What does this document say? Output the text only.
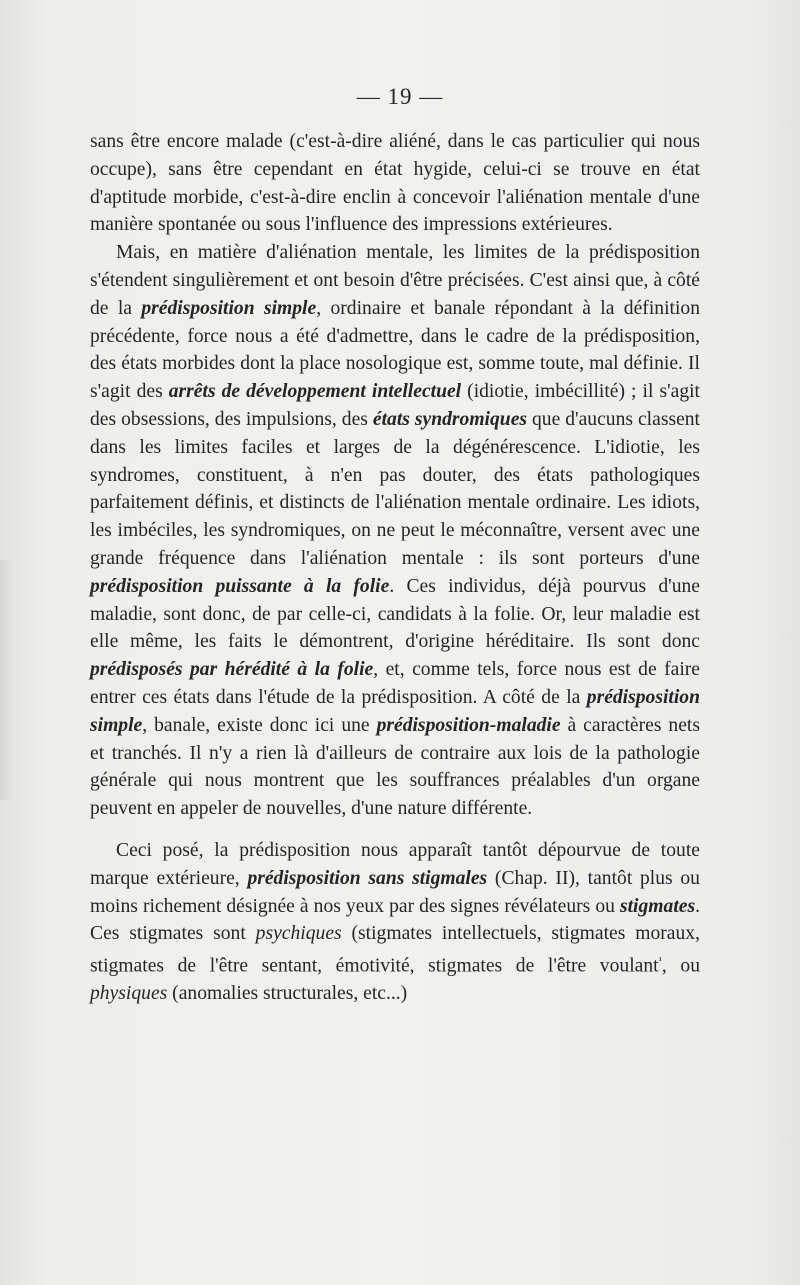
— 19 —

sans être encore malade (c'est-à-dire aliéné, dans le cas particulier qui nous occupe), sans être cependant en état hygide, celui-ci se trouve en état d'aptitude morbide, c'est-à-dire enclin à concevoir l'aliénation mentale d'une manière spontanée ou sous l'influence des impressions extérieures.

Mais, en matière d'aliénation mentale, les limites de la prédisposition s'étendent singulièrement et ont besoin d'être précisées. C'est ainsi que, à côté de la prédisposition simple, ordinaire et banale répondant à la définition précédente, force nous a été d'admettre, dans le cadre de la prédisposition, des états morbides dont la place nosologique est, somme toute, mal définie. Il s'agit des arrêts de développement intellectuel (idiotie, imbécillité) ; il s'agit des obsessions, des impulsions, des états syndromiques que d'aucuns classent dans les limites faciles et larges de la dégénérescence. L'idiotie, les syndromes, constituent, à n'en pas douter, des états pathologiques parfaitement définis, et distincts de l'aliénation mentale ordinaire. Les idiots, les imbéciles, les syndromiques, on ne peut le méconnaître, versent avec une grande fréquence dans l'aliénation mentale : ils sont porteurs d'une prédisposition puissante à la folie. Ces individus, déjà pourvus d'une maladie, sont donc, de par celle-ci, candidats à la folie. Or, leur maladie est elle même, les faits le démontrent, d'origine héréditaire. Ils sont donc prédisposés par hérédité à la folie, et, comme tels, force nous est de faire entrer ces états dans l'étude de la prédisposition. A côté de la prédisposition simple, banale, existe donc ici une prédisposition-maladie à caractères nets et tranchés. Il n'y a rien là d'ailleurs de contraire aux lois de la pathologie générale qui nous montrent que les souffrances préalables d'un organe peuvent en appeler de nouvelles, d'une nature différente.

Ceci posé, la prédisposition nous apparaît tantôt dépourvue de toute marque extérieure, prédisposition sans stigmales (Chap. II), tantôt plus ou moins richement désignée à nos yeux par des signes révélateurs ou stigmates. Ces stigmates sont psychiques (stigmates intellectuels, stigmates moraux, stigmates de l'être sentant, émotivité, stigmates de l'être voulant$^{^1}$, ou physiques (anomalies structurales, etc...)
